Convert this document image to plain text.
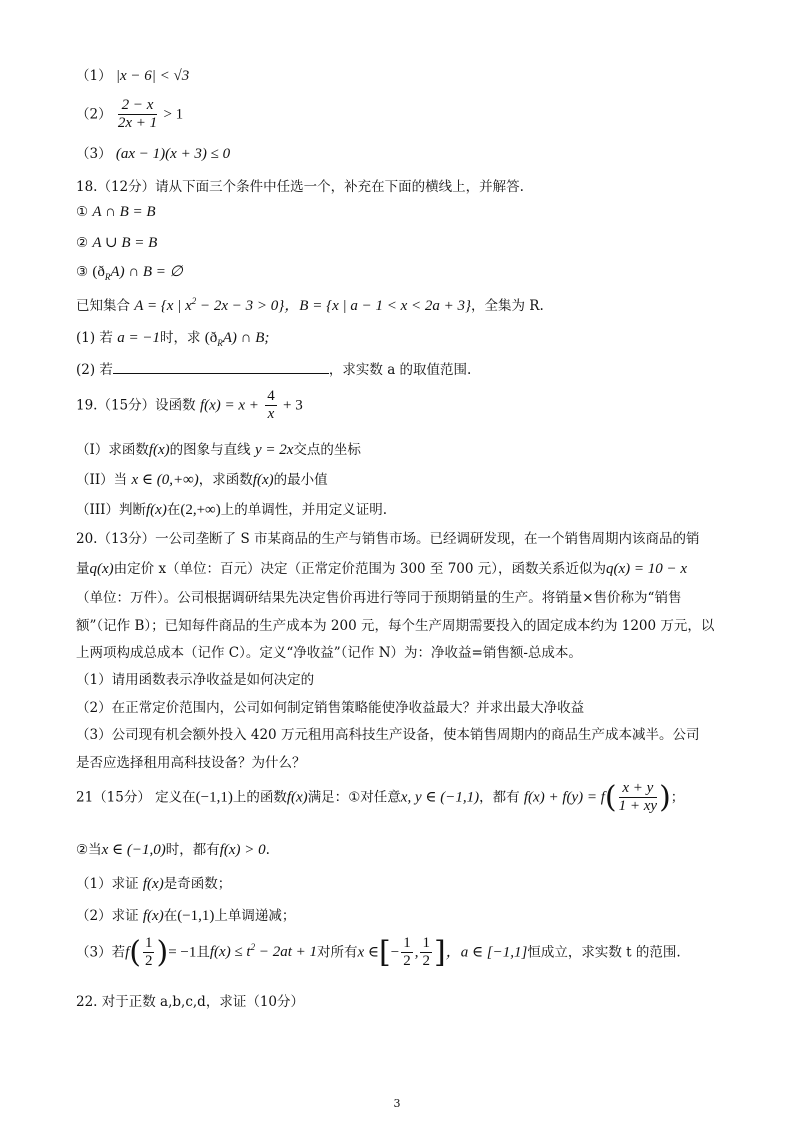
（1） |x − 6| < √3
$(2) \frac{2 - x}{2x + 1} > 1$
（3） (ax − 1)(x + 3) ≤ 0
18.（12分）请从下面三个条件中任选一个，补充在下面的横线上，并解答.
① A ∩ B = B
② A ∪ B = B
③ $(ð_RA)$ ∩ B = ∅
已知集合 A = {x | $x^2 - 2x - 3 > 0$}，B = {x | a − 1 < x < 2a + 3}，全集为 R.
(1) 若 a = −1时，求 $(ð_RA)$ ∩ B;
(2) 若	，求实数 a 的取值范围.
19.（15分）设函数 $f(x) = x + \frac{4}{x} + 3$
（I）求函数f(x)的图象与直线 y = 2x交点的坐标
（II）当 x ∈ (0,+∞)，求函数f(x)的最小值
（III）判断f(x)在(2,+∞)上的单调性，并用定义证明.
20.（13分）一公司垄断了 S 市某商品的生产与销售市场。已经调研发现，在一个销售周期内该商品的销
量q(x)由定价 x（单位：百元）决定（正常定价范围为 300 至 700 元），函数关系近似为q(x) = 10 − x
（单位：万件）。公司根据调研结果先决定售价再进行等同于预期销量的生产。将销量×售价称为“销售
额”（记作 B）；已知每件商品的生产成本为 200 元，每个生产周期需要投入的固定成本约为 1200 万元，以
上两项构成总成本（记作 C）。定义“净收益”（记作 N）为：净收益=销售额-总成本。
（1）请用函数表示净收益是如何决定的
（2）在正常定价范围内，公司如何制定销售策略能使净收益最大？并求出最大净收益
（3）公司现有机会额外投入 420 万元租用高科技生产设备，使本销售周期内的商品生产成本减半。公司
是否应选择租用高科技设备？为什么？
21（15分） 定义在(−1,1)上的函数f(x)满足：①对任意x, y ∈ (−1,1)，都有 $f(x) + f(y) = f( \frac{x + y}{1 + xy}$ )；
②当x ∈ (−1,0)时，都有f(x) > 0.
（1）求证 f(x)是奇函数；
（2）求证 f(x)在(−1,1)上单调递减；
（3）若$f( \frac{1}{2}$ )= −1且$f(x) \le t^2 - 2at + 1$对所有x ∈[− $\frac{1}{2}$ , $\frac{1}{2}$ ]，a ∈ [−1,1]恒成立，求实数 t 的范围.
22. 对于正数 a,b,c,d，求证（10分）
3
